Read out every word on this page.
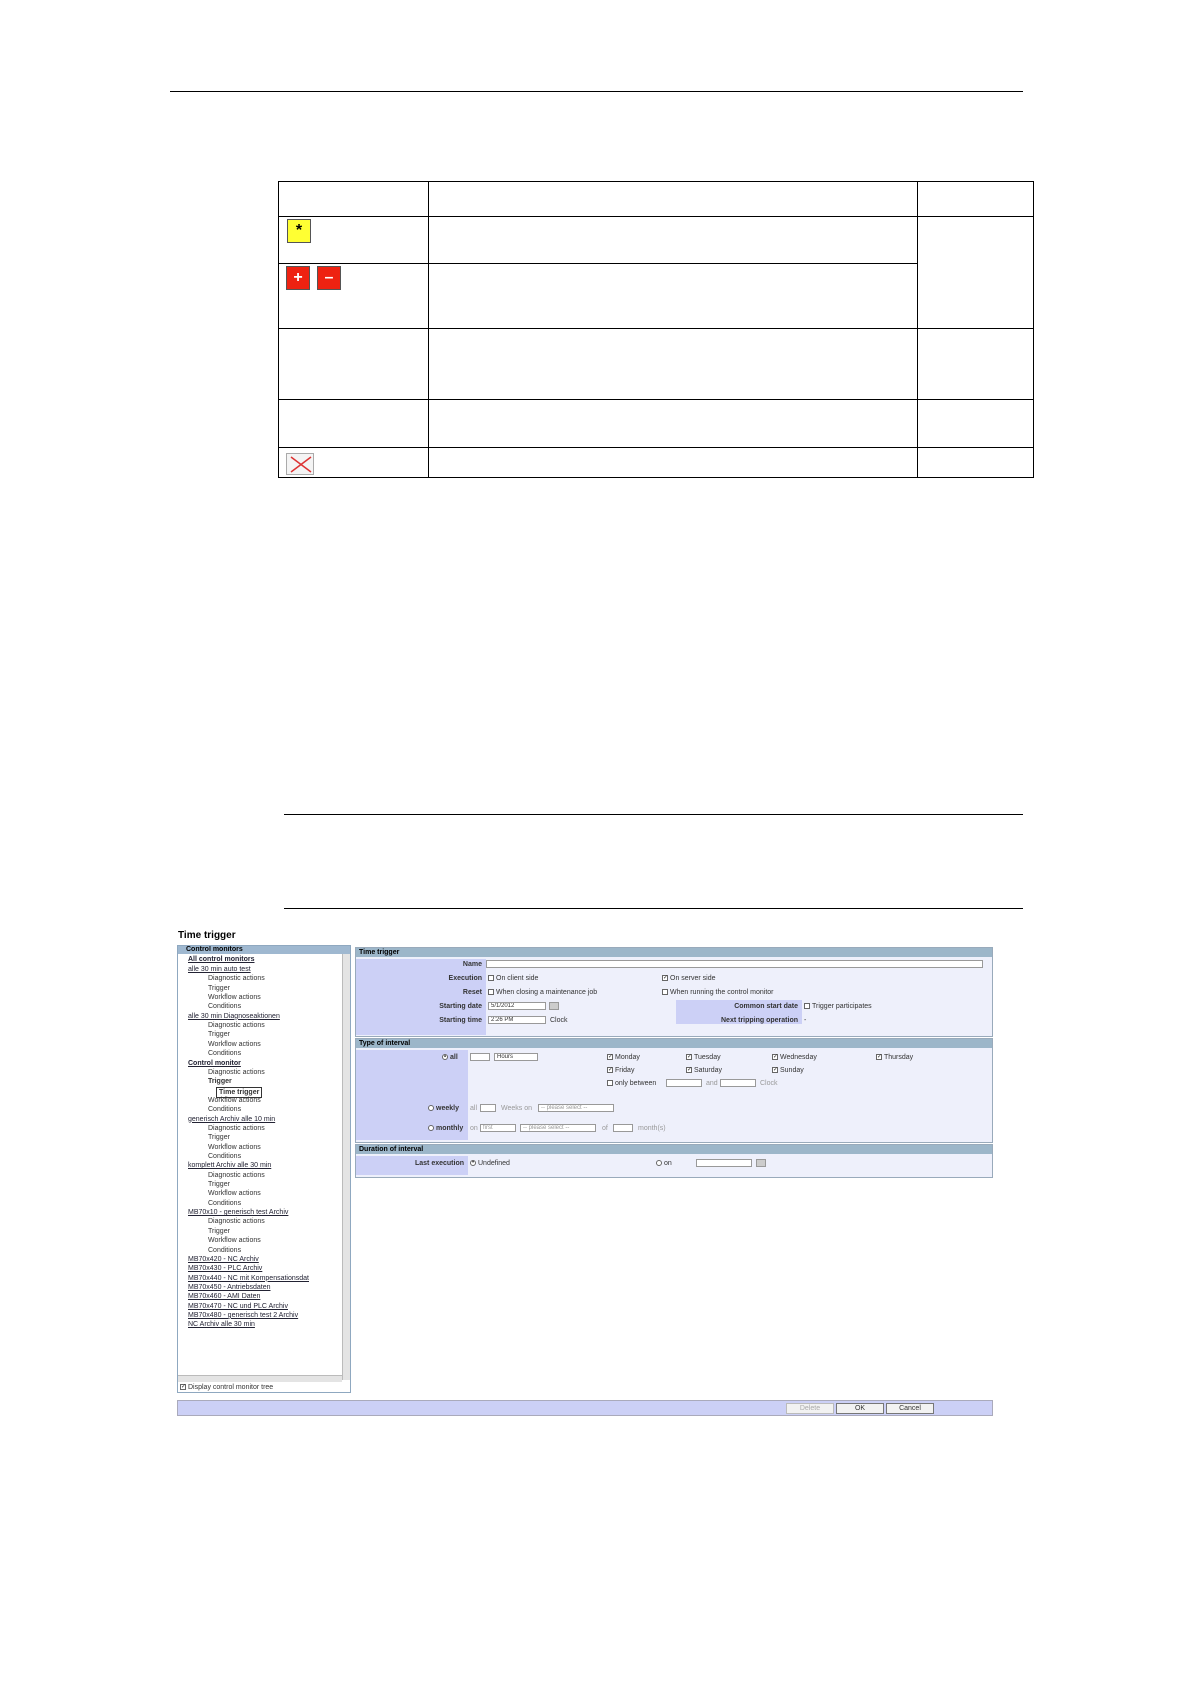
*		

+ –		

Time trigger
Control monitors
All control monitors
alle 30 min auto test
Diagnostic actions
Trigger
Workflow actions
Conditions
alle 30 min Diagnoseaktionen
Diagnostic actions
Trigger
Workflow actions
Conditions
Control monitor
Diagnostic actions
Trigger
Time trigger
Workflow actions
Conditions
generisch Archiv alle 10 min
Diagnostic actions
Trigger
Workflow actions
Conditions
komplett Archiv alle 30 min
Diagnostic actions
Trigger
Workflow actions
Conditions
MB70x10 - generisch test Archiv
Diagnostic actions
Trigger
Workflow actions
Conditions
MB70x420 - NC Archiv
MB70x430 - PLC Archiv
MB70x440 - NC mit Kompensationsdat
MB70x450 - Antriebsdaten
MB70x460 - AMI Daten
MB70x470 - NC und PLC Archiv
MB70x480 - generisch test 2 Archiv
NC Archiv alle 30 min
✓ Display control monitor tree
Time trigger
Name
Execution	On client side	✓ On server side
Reset	When closing a maintenance job	When running the control monitor
Starting date	5/1/2012	Common start date	Trigger participates
Starting time	2:26 PM	Clock	Next tripping operation -
Type of interval
• all	Hours	✓ Monday	✓ Tuesday	✓ Wednesday	✓ Thursday
✓ Friday	✓ Saturday	✓ Sunday
only between	and	Clock
weekly all	Weeks on	-- please select --
monthly on first	-- please select --	of	month(s)
Duration of interval
Last execution	• Undefined	on
Delete	OK	Cancel
